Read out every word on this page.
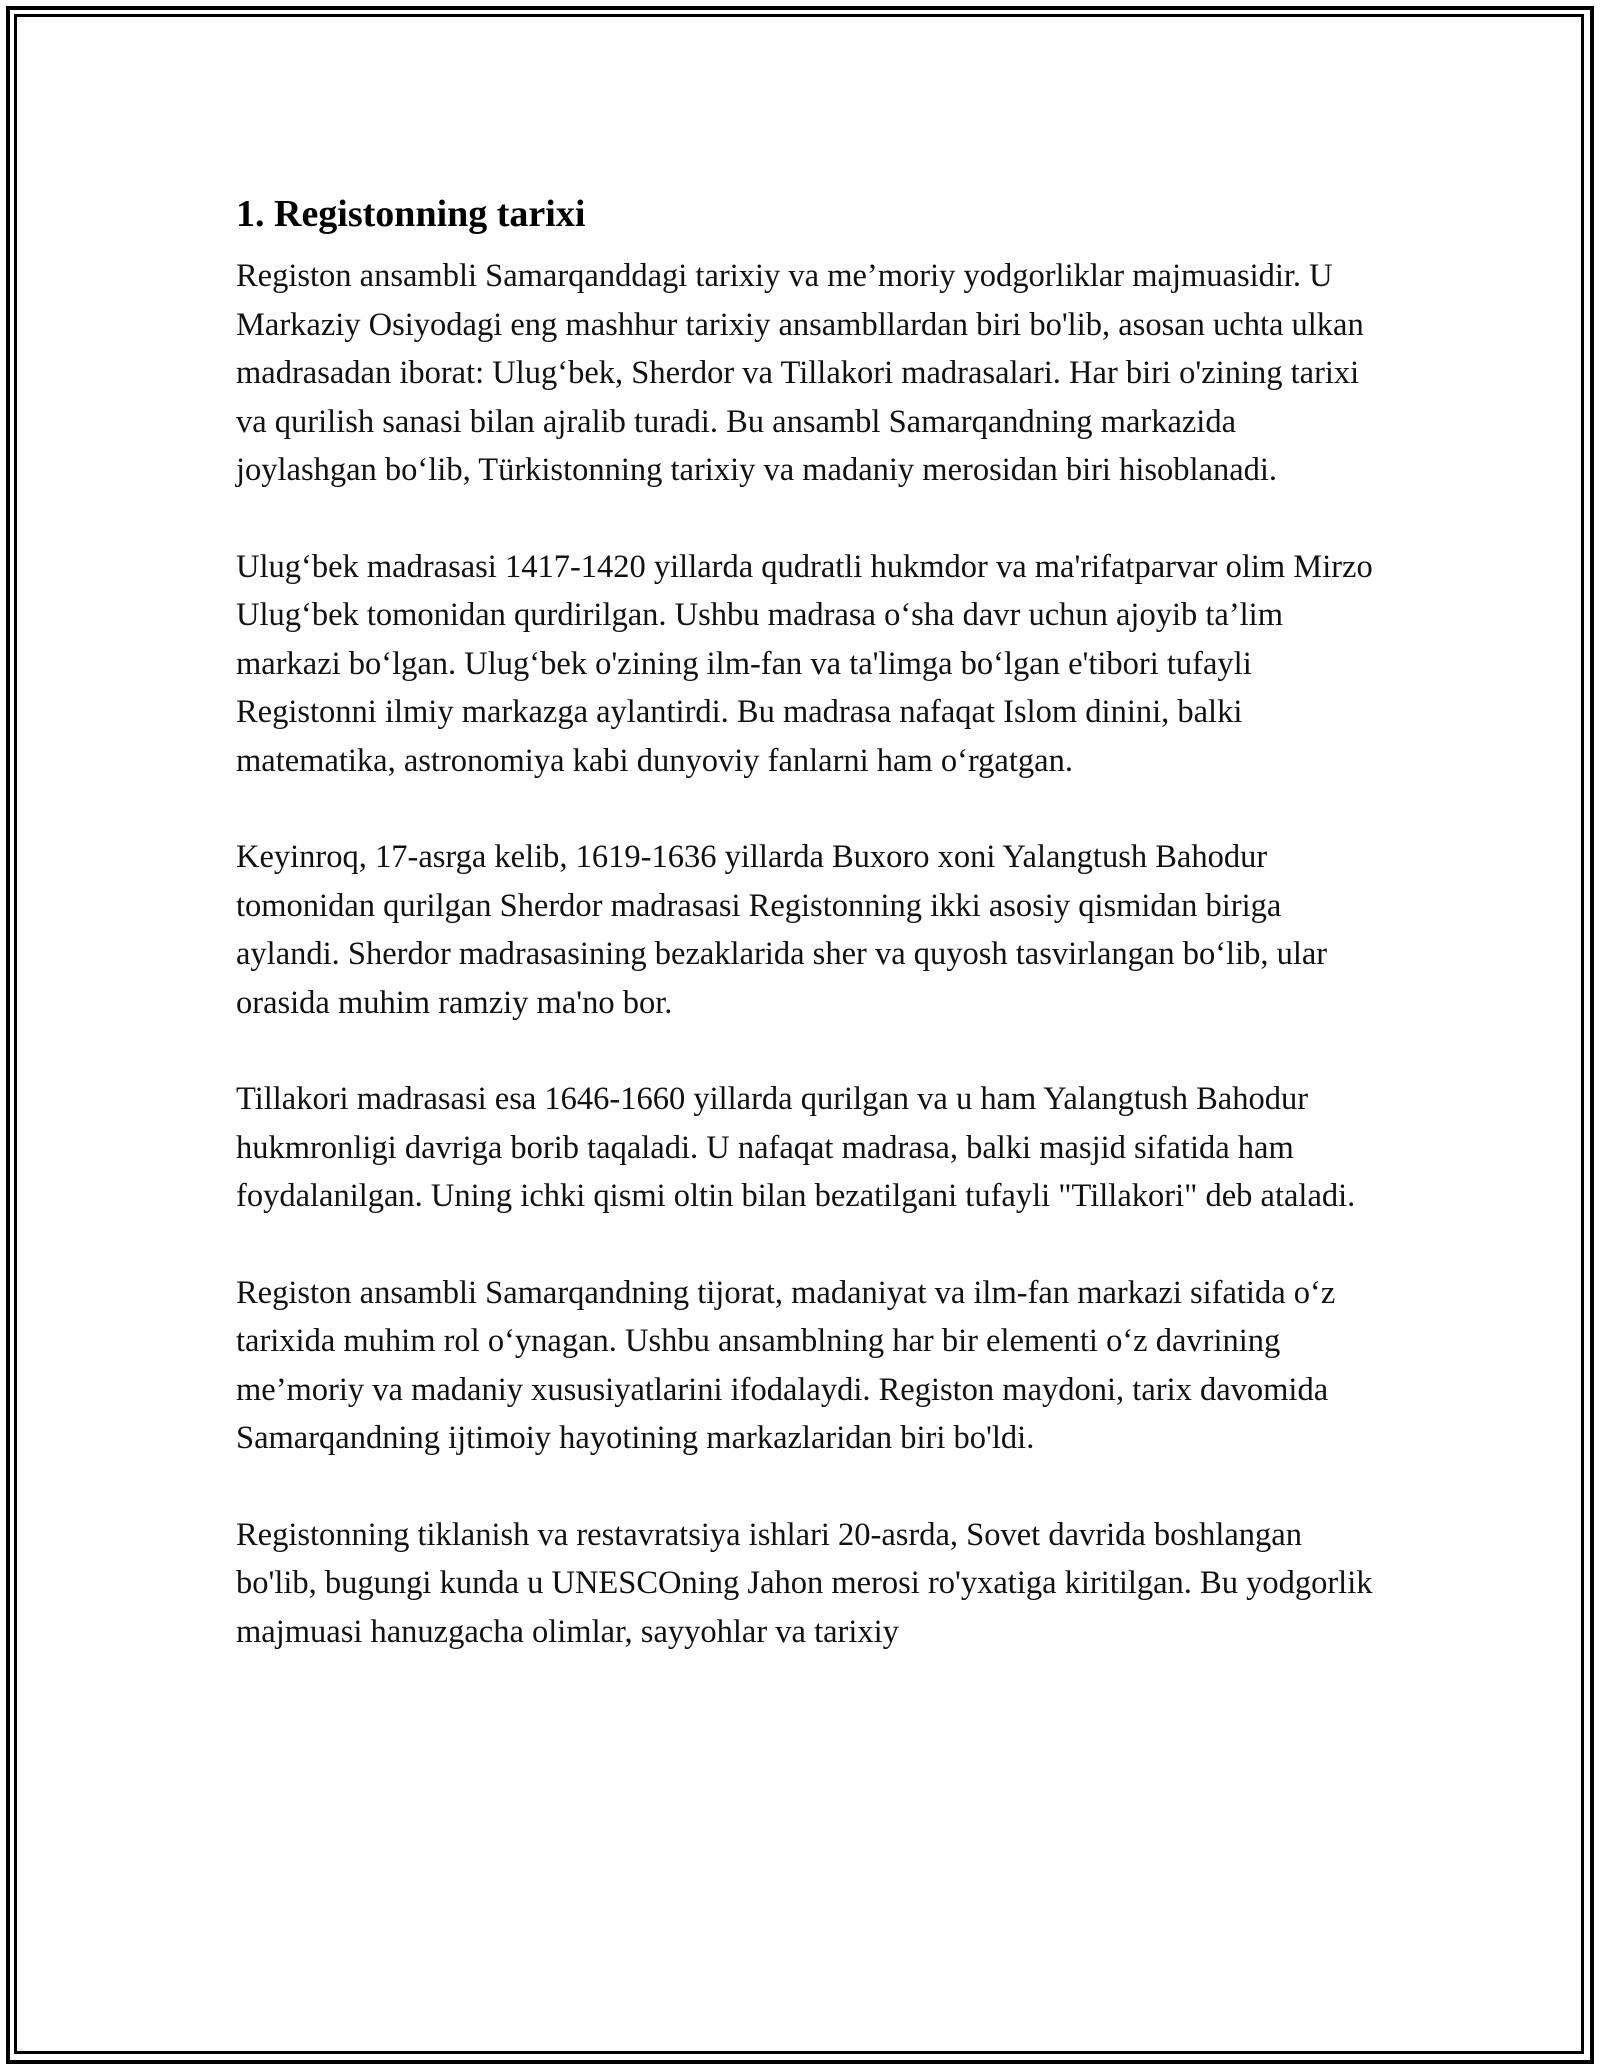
1. Registonning tarixi

Registon ansambli Samarqanddagi tarixiy va me’moriy yodgorliklar majmuasidir. U Markaziy Osiyodagi eng mashhur tarixiy ansambllardan biri bo'lib, asosan uchta ulkan madrasadan iborat: Ulug‘bek, Sherdor va Tillakori madrasalari. Har biri o'zining tarixi va qurilish sanasi bilan ajralib turadi. Bu ansambl Samarqandning markazida joylashgan bo‘lib, Türkistonning tarixiy va madaniy merosidan biri hisoblanadi.

Ulug‘bek madrasasi 1417-1420 yillarda qudratli hukmdor va ma'rifatparvar olim Mirzo Ulug‘bek tomonidan qurdirilgan. Ushbu madrasa o‘sha davr uchun ajoyib ta’lim markazi bo‘lgan. Ulug‘bek o'zining ilm-fan va ta'limga bo‘lgan e'tibori tufayli Registonni ilmiy markazga aylantirdi. Bu madrasa nafaqat Islom dinini, balki matematika, astronomiya kabi dunyoviy fanlarni ham o‘rgatgan.

Keyinroq, 17-asrga kelib, 1619-1636 yillarda Buxoro xoni Yalangtush Bahodur tomonidan qurilgan Sherdor madrasasi Registonning ikki asosiy qismidan biriga aylandi. Sherdor madrasasining bezaklarida sher va quyosh tasvirlangan bo‘lib, ular orasida muhim ramziy ma'no bor.

Tillakori madrasasi esa 1646-1660 yillarda qurilgan va u ham Yalangtush Bahodur hukmronligi davriga borib taqaladi. U nafaqat madrasa, balki masjid sifatida ham foydalanilgan. Uning ichki qismi oltin bilan bezatilgani tufayli "Tillakori" deb ataladi.

Registon ansambli Samarqandning tijorat, madaniyat va ilm-fan markazi sifatida o‘z tarixida muhim rol o‘ynagan. Ushbu ansamblning har bir elementi o‘z davrining me’moriy va madaniy xususiyatlarini ifodalaydi. Registon maydoni, tarix davomida Samarqandning ijtimoiy hayotining markazlaridan biri bo'ldi.

Registonning tiklanish va restavratsiya ishlari 20-asrda, Sovet davrida boshlangan bo'lib, bugungi kunda u UNESCOning Jahon merosi ro'yxatiga kiritilgan. Bu yodgorlik majmuasi hanuzgacha olimlar, sayyohlar va tarixiy
